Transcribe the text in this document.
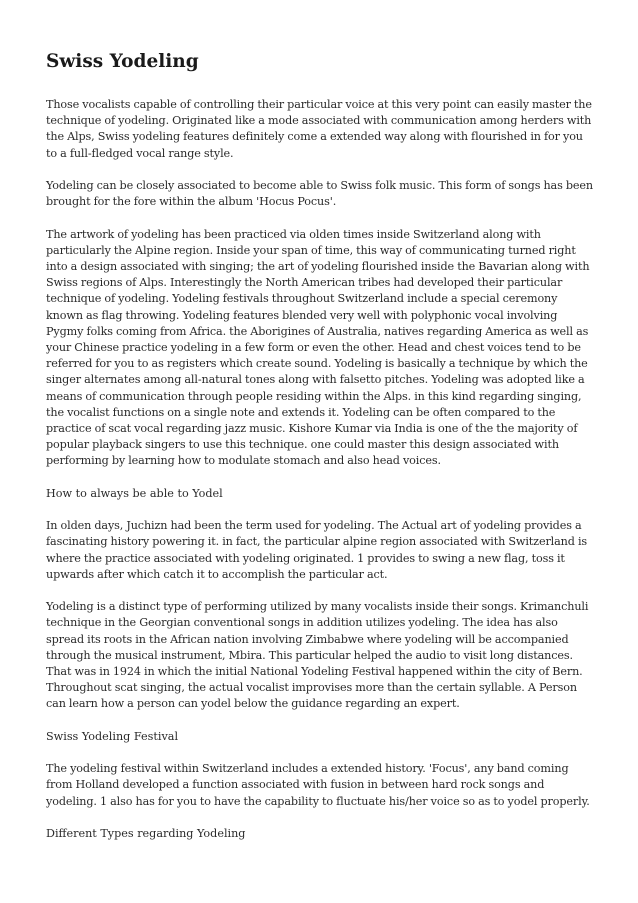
Swiss Yodeling

Those vocalists capable of controlling their particular voice at this very point can easily master the technique of yodeling. Originated like a mode associated with communication among herders with the Alps, Swiss yodeling features definitely come a extended way along with flourished in for you to a full-fledged vocal range style.

Yodeling can be closely associated to become able to Swiss folk music. This form of songs has been brought for the fore within the album 'Hocus Pocus'.

The artwork of yodeling has been practiced via olden times inside Switzerland along with particularly the Alpine region. Inside your span of time, this way of communicating turned right into a design associated with singing; the art of yodeling flourished inside the Bavarian along with Swiss regions of Alps. Interestingly the North American tribes had developed their particular technique of yodeling. Yodeling festivals throughout Switzerland include a special ceremony known as flag throwing. Yodeling features blended very well with polyphonic vocal involving Pygmy folks coming from Africa. the Aborigines of Australia, natives regarding America as well as your Chinese practice yodeling in a few form or even the other. Head and chest voices tend to be referred for you to as registers which create sound. Yodeling is basically a technique by which the singer alternates among all-natural tones along with falsetto pitches. Yodeling was adopted like a means of communication through people residing within the Alps. in this kind regarding singing, the vocalist functions on a single note and extends it. Yodeling can be often compared to the practice of scat vocal regarding jazz music. Kishore Kumar via India is one of the the majority of popular playback singers to use this technique. one could master this design associated with performing by learning how to modulate stomach and also head voices.

How to always be able to Yodel

In olden days, Juchizn had been the term used for yodeling. The Actual art of yodeling provides a fascinating history powering it. in fact, the particular alpine region associated with Switzerland is where the practice associated with yodeling originated. 1 provides to swing a new flag, toss it upwards after which catch it to accomplish the particular act.

Yodeling is a distinct type of performing utilized by many vocalists inside their songs. Krimanchuli technique in the Georgian conventional songs in addition utilizes yodeling. The idea has also spread its roots in the African nation involving Zimbabwe where yodeling will be accompanied through the musical instrument, Mbira. This particular helped the audio to visit long distances. That was in 1924 in which the initial National Yodeling Festival happened within the city of Bern. Throughout scat singing, the actual vocalist improvises more than the certain syllable. A Person can learn how a person can yodel below the guidance regarding an expert.

Swiss Yodeling Festival

The yodeling festival within Switzerland includes a extended history. 'Focus', any band coming from Holland developed a function associated with fusion in between hard rock songs and yodeling. 1 also has for you to have the capability to fluctuate his/her voice so as to yodel properly.

Different Types regarding Yodeling
